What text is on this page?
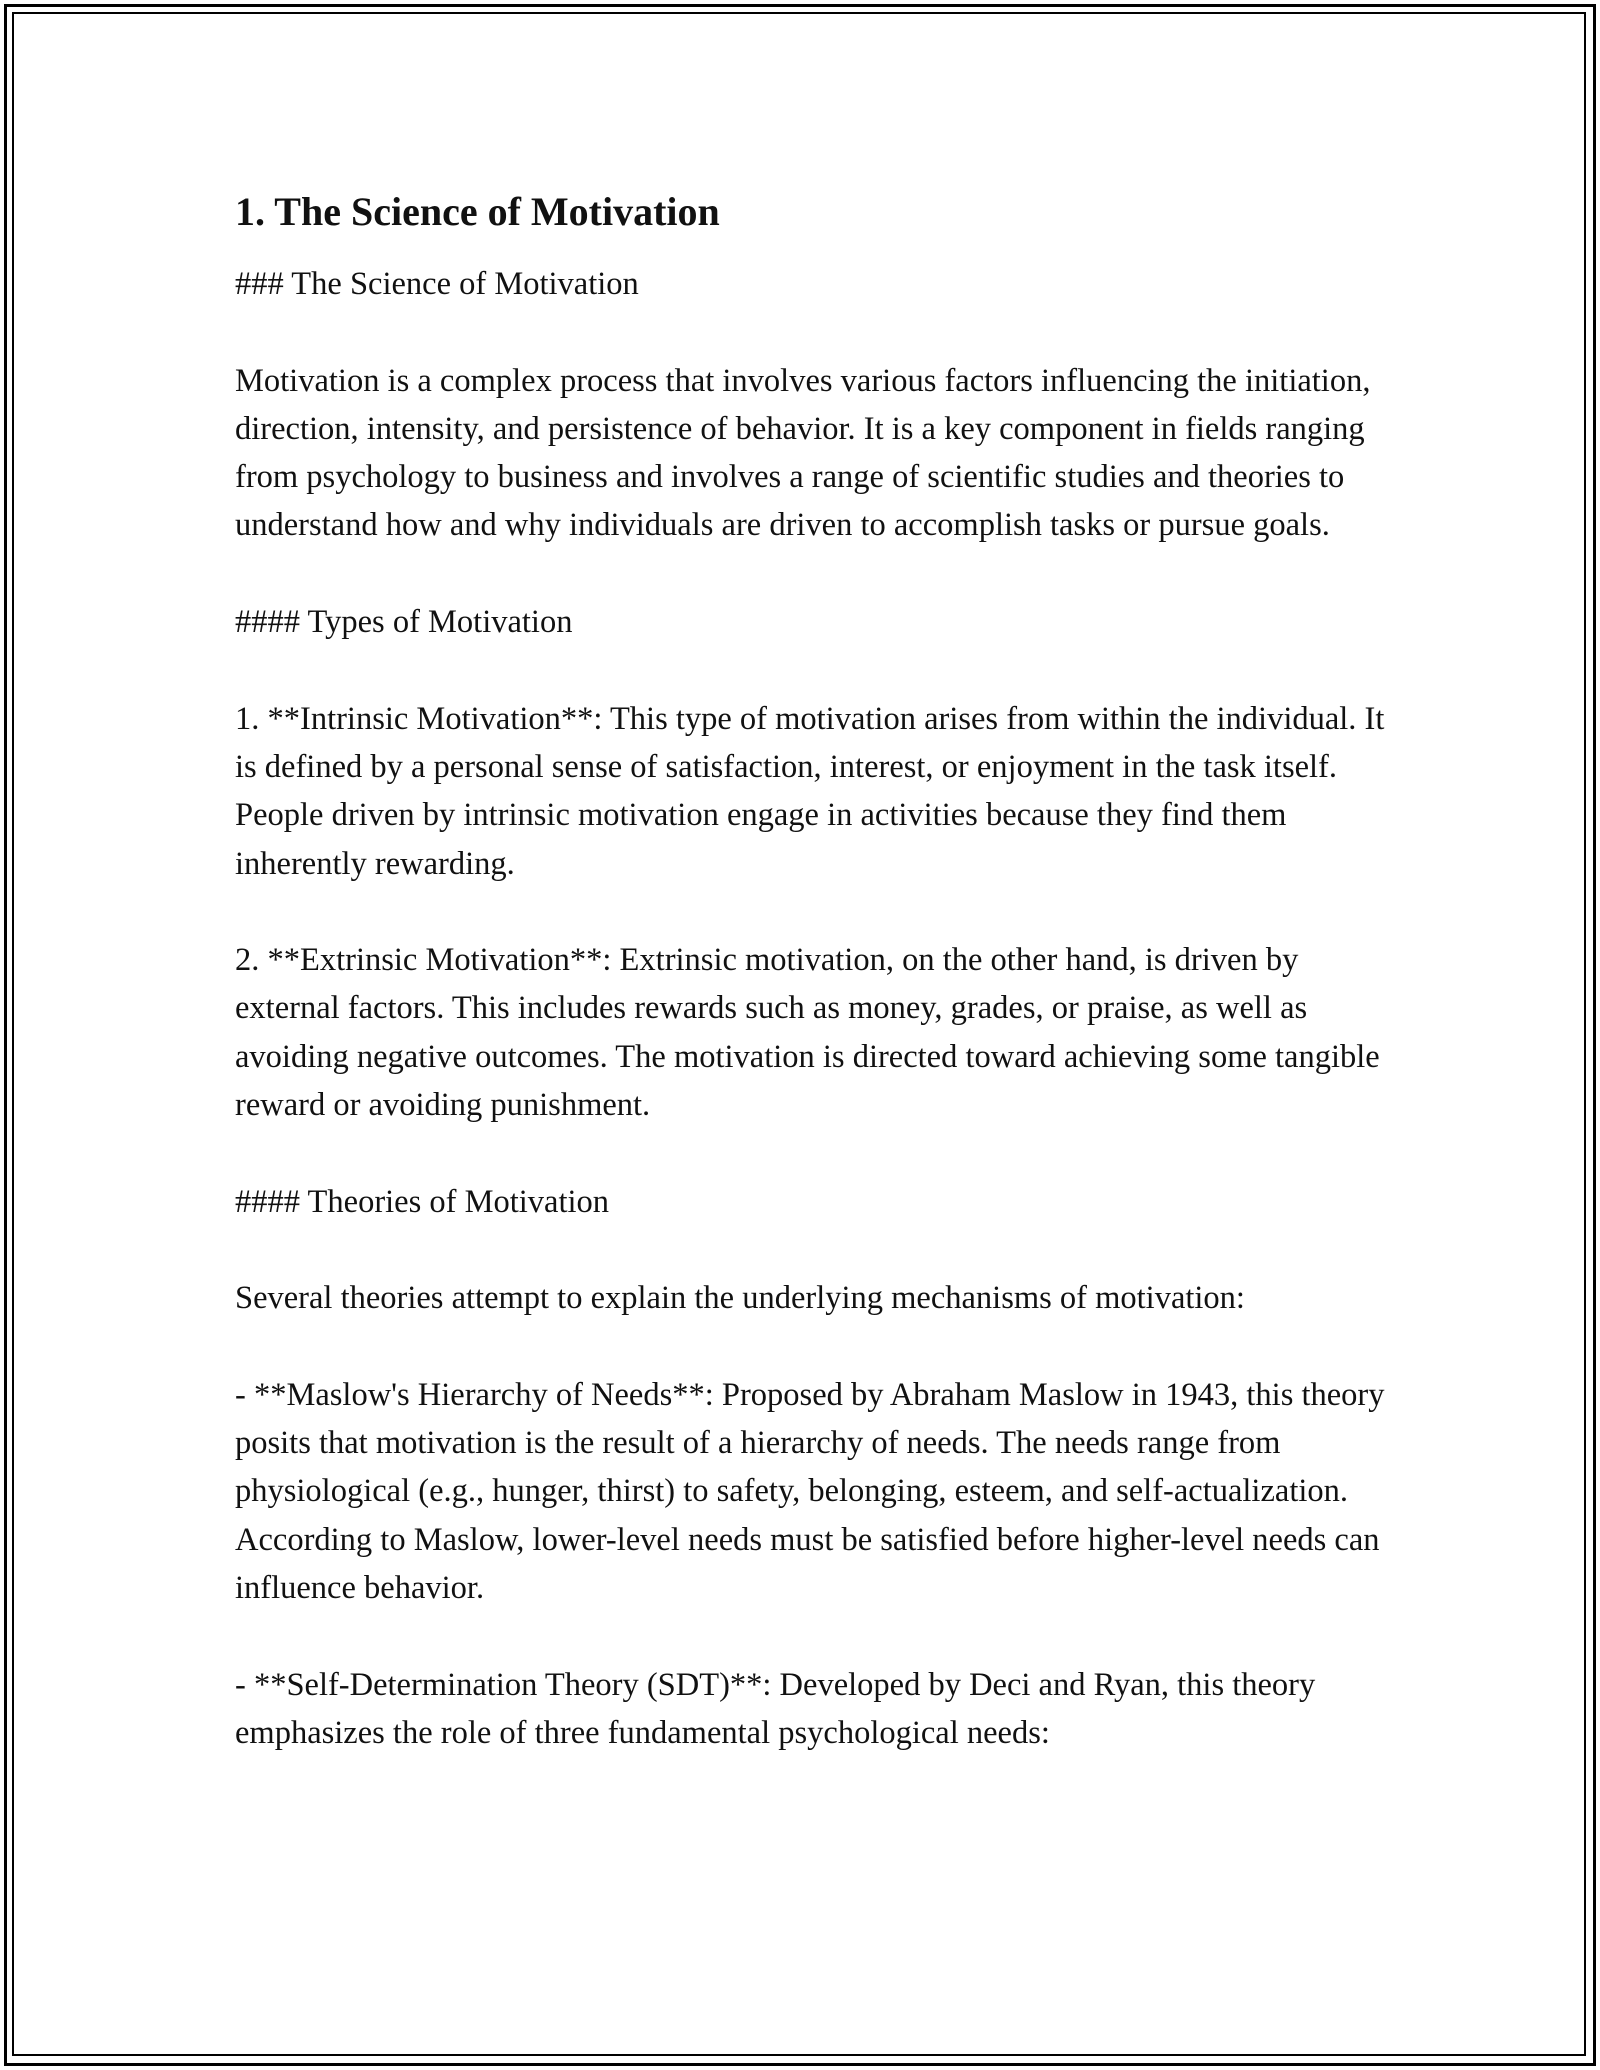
1. The Science of Motivation

### The Science of Motivation

Motivation is a complex process that involves various factors influencing the initiation, direction, intensity, and persistence of behavior. It is a key component in fields ranging from psychology to business and involves a range of scientific studies and theories to understand how and why individuals are driven to accomplish tasks or pursue goals.

#### Types of Motivation

1. **Intrinsic Motivation**: This type of motivation arises from within the individual. It is defined by a personal sense of satisfaction, interest, or enjoyment in the task itself. People driven by intrinsic motivation engage in activities because they find them inherently rewarding.

2. **Extrinsic Motivation**: Extrinsic motivation, on the other hand, is driven by external factors. This includes rewards such as money, grades, or praise, as well as avoiding negative outcomes. The motivation is directed toward achieving some tangible reward or avoiding punishment.

#### Theories of Motivation

Several theories attempt to explain the underlying mechanisms of motivation:

- **Maslow's Hierarchy of Needs**: Proposed by Abraham Maslow in 1943, this theory posits that motivation is the result of a hierarchy of needs. The needs range from physiological (e.g., hunger, thirst) to safety, belonging, esteem, and self-actualization. According to Maslow, lower-level needs must be satisfied before higher-level needs can influence behavior.

- **Self-Determination Theory (SDT)**: Developed by Deci and Ryan, this theory emphasizes the role of three fundamental psychological needs:
